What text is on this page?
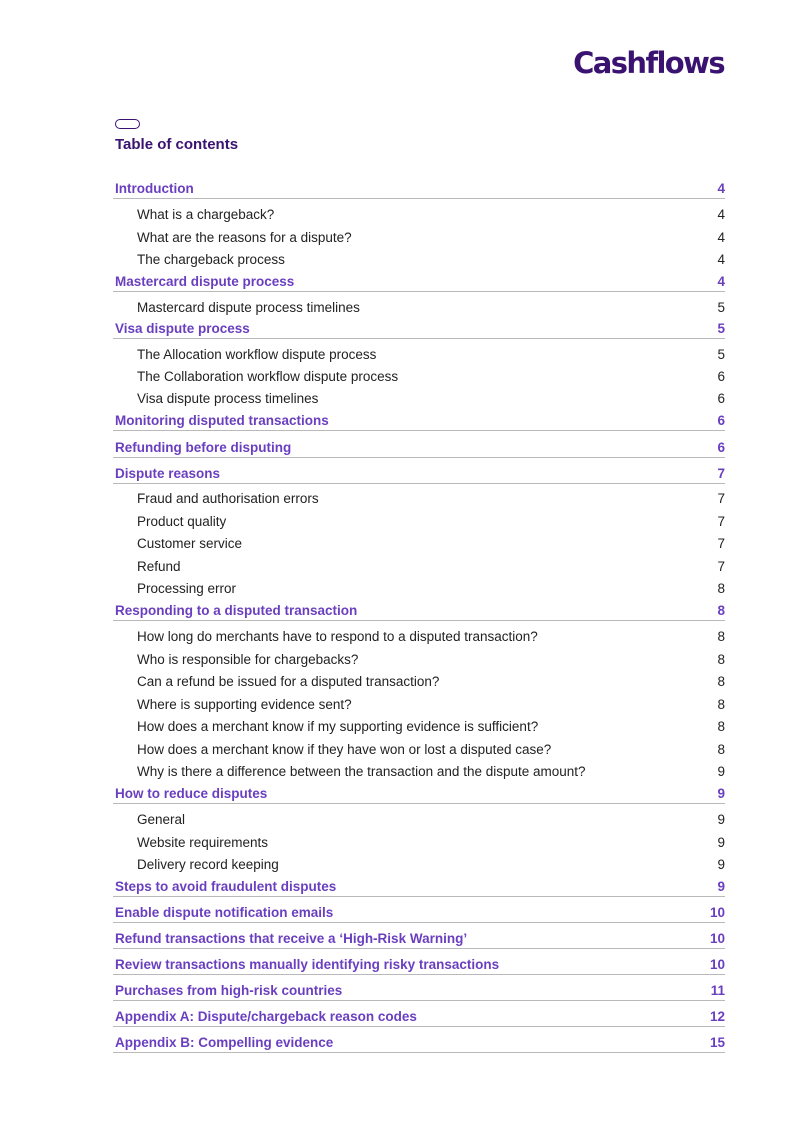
Cashflows
Table of contents
Introduction	4
What is a chargeback?	4
What are the reasons for a dispute?	4
The chargeback process	4
Mastercard dispute process	4
Mastercard dispute process timelines	5
Visa dispute process	5
The Allocation workflow dispute process	5
The Collaboration workflow dispute process	6
Visa dispute process timelines	6
Monitoring disputed transactions	6
Refunding before disputing	6
Dispute reasons	7
Fraud and authorisation errors	7
Product quality	7
Customer service	7
Refund	7
Processing error	8
Responding to a disputed transaction	8
How long do merchants have to respond to a disputed transaction?	8
Who is responsible for chargebacks?	8
Can a refund be issued for a disputed transaction?	8
Where is supporting evidence sent?	8
How does a merchant know if my supporting evidence is sufficient?	8
How does a merchant know if they have won or lost a disputed case?	8
Why is there a difference between the transaction and the dispute amount?	9
How to reduce disputes	9
General	9
Website requirements	9
Delivery record keeping	9
Steps to avoid fraudulent disputes	9
Enable dispute notification emails	10
Refund transactions that receive a ‘High-Risk Warning’	10
Review transactions manually identifying risky transactions	10
Purchases from high-risk countries	11
Appendix A: Dispute/chargeback reason codes	12
Appendix B: Compelling evidence	15
